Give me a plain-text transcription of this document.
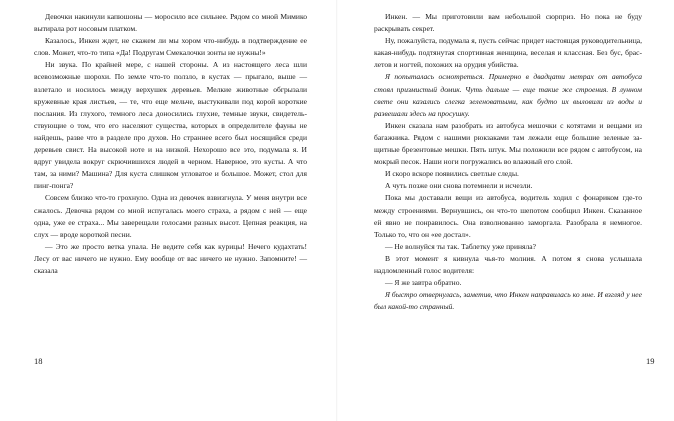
Девочки накинули капюшоны — моросило все сильнее. Рядом со мной Мимико вытирала рот носовым платком.

Казалось, Инкен ждет, не скажем ли мы хором что-нибудь в подтверждение ее слов. Может, что-то типа «Да! Подругам Смекалочки зонты не нужны!»

Ни звука. По крайней мере, с нашей стороны. А из настоящего леса шли всевозможные шорохи. По земле что-то ползло, в кустах — прыгало, выше — взлетало и носилось между верхушек деревьев. Мелкие животные обгрызали кружевные края листьев, — те, что еще мельче, выстукивали под корой короткие послания. Из глухого, темного леса доносились глухие, темные звуки, свидетельствующие о том, что его населяют существа, которых в определителе фауны не найдешь, разве что в разделе про духов. Но страннее всего был носящийся среди деревьев свист. На высокой ноте и на низкой. Нехорошо все это, подумала я. И вдруг увидела вокруг скрючившихся людей в черном. Наверное, это кусты. А что там, за ними? Машина? Для куста слишком угловатое и большое. Может, стол для пинг-понга?

Совсем близко что-то грохнуло. Одна из девочек взвизгнула. У меня внутри все сжалось. Девочка рядом со мной испугалась моего страха, а рядом с ней — еще одна, уже ее страха... Мы заверещали голосами разных высот. Цепная реакция, на слух — вроде короткой песни.

— Это же просто ветка упала. Не ведите себя как курицы! Нечего кудахтать! Лесу от вас ничего не нужно. Ему вообще от вас ничего не нужно. Запомните! — сказала

18

Инкен. — Мы приготовили вам небольшой сюрприз. Но пока не буду раскрывать секрет.

Ну, пожалуйста, подумала я, пусть сейчас придет настоящая руководительница, какая-нибудь подтянутая спортивная женщина, веселая и классная. Без бус, браслетов и ногтей, похожих на орудия убийства.

Я попыталась осмотреться. Примерно в двадцати метрах от автобуса стоял призмистый домик. Чуть дальше — еще такие же строения. В лунном свете они казались слегка зеленоватыми, как будто их выловили из воды и развешали здесь на просушку.

Инкен сказала нам разобрать из автобуса мешочки с котятами и вещами из багажника. Рядом с нашими рюкзаками там лежали еще большие зеленые защитные брезентовые мешки. Пять штук. Мы положили все рядом с автобусом, на мокрый песок. Наши ноги погружались во влажный его слой.

И скоро вскоре появились светлые следы.

А чуть позже они снова потемнели и исчезли.

Пока мы доставали вещи из автобуса, водитель ходил с фонариком где-то между строениями. Вернувшись, он что-то шепотом сообщил Инкен. Сказанное ей явно не понравилось. Она взволнованно заморгала. Разобрала я немногое. Только то, что он «ее достал».

— Не волнуйся ты так. Таблетку уже приняла?

В этот момент я кивнула чья-то молния. А потом я снова услышала надломленный голос водителя:

— Я же завтра обратно.

Я быстро отвернулась, заметив, что Инкен направилась ко мне. И взгляд у нее был какой-то странный.

19
